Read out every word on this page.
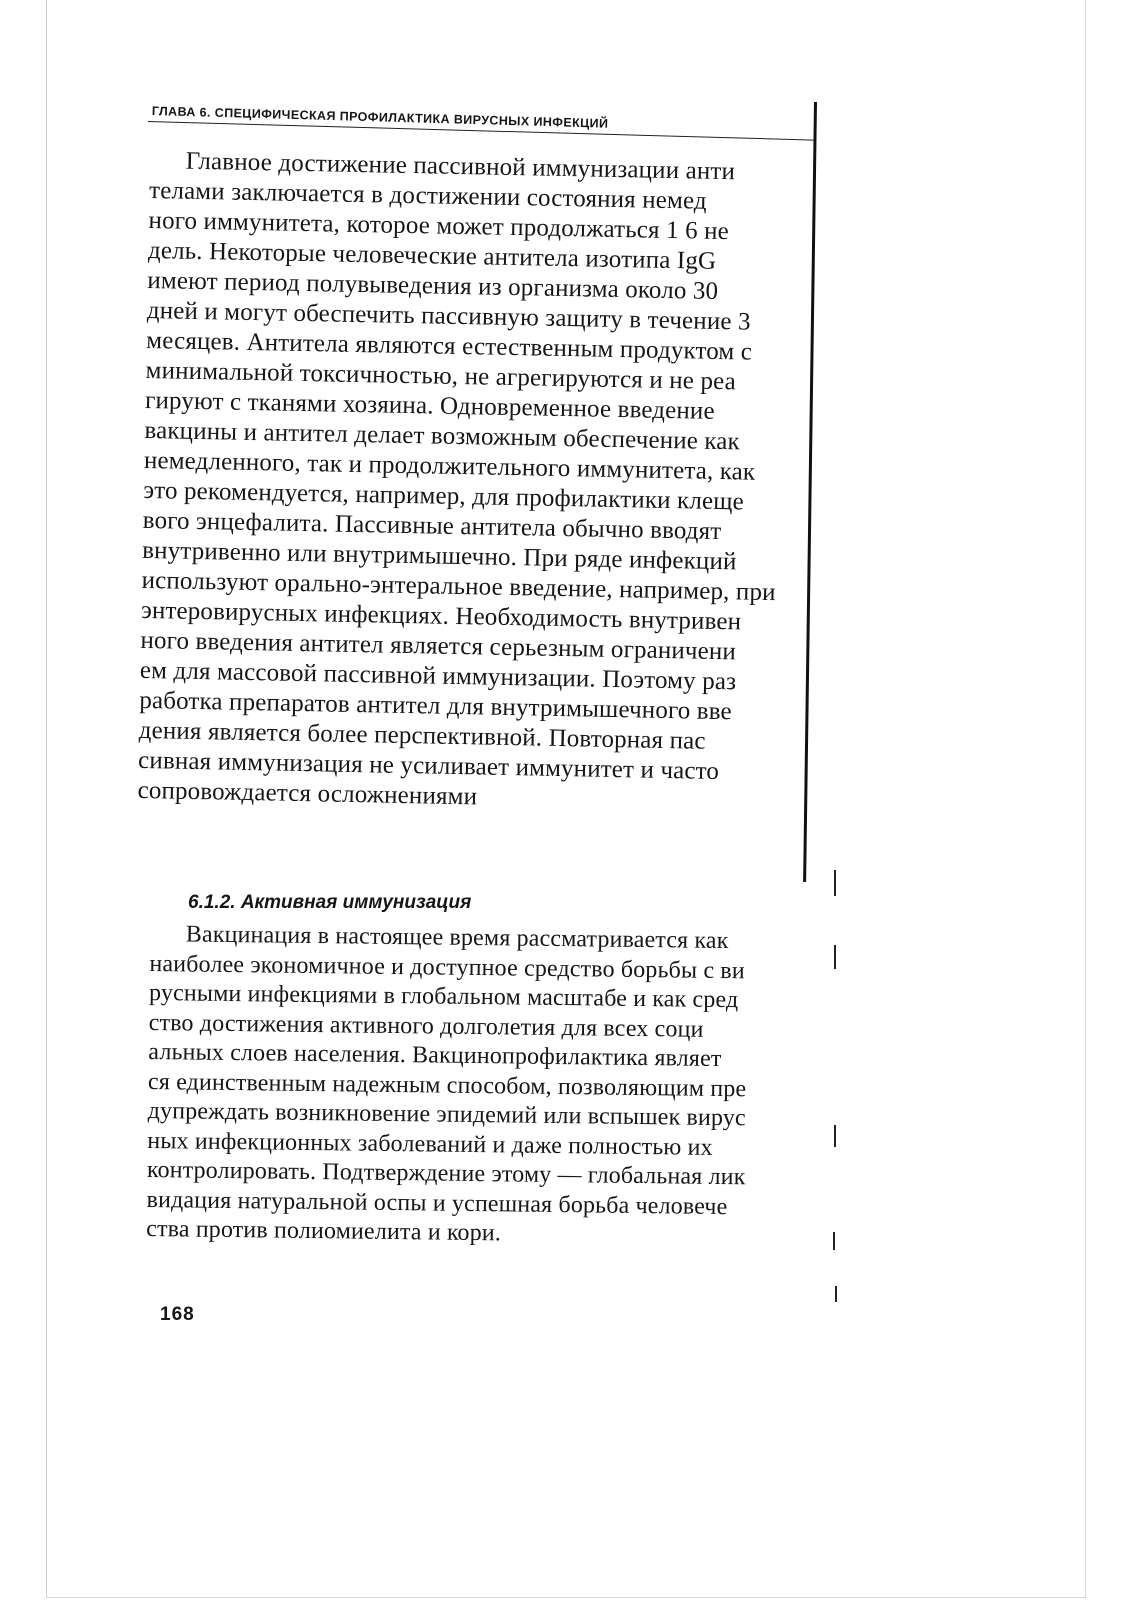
ГЛАВА 6. СПЕЦИФИЧЕСКАЯ ПРОФИЛАКТИКА ВИРУСНЫХ ИНФЕКЦИЙ
Главное достижение пассивной иммунизации анти
телами заключается в достижении состояния немед
ного иммунитета, которое может продолжаться 1 6 не
дель. Некоторые человеческие антитела изотипа IgG
имеют период полувыведения из организма около 30
дней и могут обеспечить пассивную защиту в течение 3
месяцев. Антитела являются естественным продуктом с
минимальной токсичностью, не агрегируются и не реа
гируют с тканями хозяина. Одновременное введение
вакцины и антител делает возможным обеспечение как
немедленного, так и продолжительного иммунитета, как
это рекомендуется, например, для профилактики клеще
вого энцефалита. Пассивные антитела обычно вводят
внутривенно или внутримышечно. При ряде инфекций
используют орально-энтеральное введение, например, при
энтеровирусных инфекциях. Необходимость внутривен
ного введения антител является серьезным ограничени
ем для массовой пассивной иммунизации. Поэтому раз
работка препаратов антител для внутримышечного вве
дения является более перспективной. Повторная пас
сивная иммунизация не усиливает иммунитет и часто
сопровождается осложнениями
6.1.2. Активная иммунизация
Вакцинация в настоящее время рассматривается как
наиболее экономичное и доступное средство борьбы с ви
русными инфекциями в глобальном масштабе и как сред
ство достижения активного долголетия для всех соци
альных слоев населения. Вакцинопрофилактика являет
ся единственным надежным способом, позволяющим пре
дупреждать возникновение эпидемий или вспышек вирус
ных инфекционных заболеваний и даже полностью их
контролировать. Подтверждение этому — глобальная лик
видация натуральной оспы и успешная борьба человече
ства против полиомиелита и кори.
168
